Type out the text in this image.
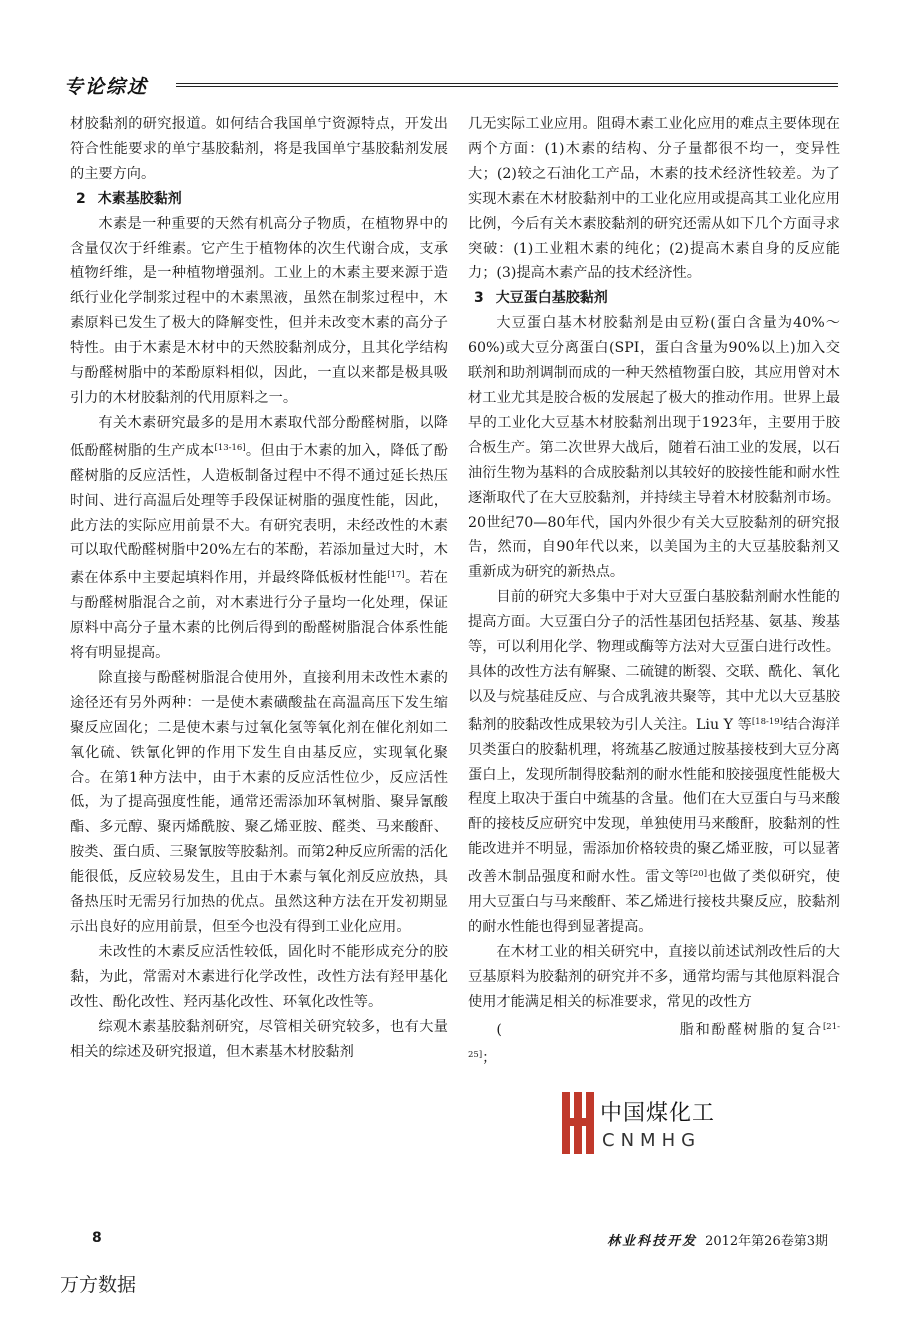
专论综述

材胶黏剂的研究报道。如何结合我国单宁资源特点，开发出符合性能要求的单宁基胶黏剂，将是我国单宁基胶黏剂发展的主要方向。

2 木素基胶黏剂

木素是一种重要的天然有机高分子物质，在植物界中的含量仅次于纤维素。它产生于植物体的次生代谢合成，支承植物纤维，是一种植物增强剂。工业上的木素主要来源于造纸行业化学制浆过程中的木素黑液，虽然在制浆过程中，木素原料已发生了极大的降解变性，但并未改变木素的高分子特性。由于木素是木材中的天然胶黏剂成分，且其化学结构与酚醛树脂中的苯酚原料相似，因此，一直以来都是极具吸引力的木材胶黏剂的代用原料之一。

有关木素研究最多的是用木素取代部分酚醛树脂，以降低酚醛树脂的生产成本[13-16]。但由于木素的加入，降低了酚醛树脂的反应活性，人造板制备过程中不得不通过延长热压时间、进行高温后处理等手段保证树脂的强度性能，因此，此方法的实际应用前景不大。有研究表明，未经改性的木素可以取代酚醛树脂中20%左右的苯酚，若添加量过大时，木素在体系中主要起填料作用，并最终降低板材性能[17]。若在与酚醛树脂混合之前，对木素进行分子量均一化处理，保证原料中高分子量木素的比例后得到的酚醛树脂混合体系性能将有明显提高。

除直接与酚醛树脂混合使用外，直接利用未改性木素的途径还有另外两种：一是使木素磺酸盐在高温高压下发生缩聚反应固化；二是使木素与过氧化氢等氧化剂在催化剂如二氧化硫、铁氰化钾的作用下发生自由基反应，实现氧化聚合。在第1种方法中，由于木素的反应活性位少，反应活性低，为了提高强度性能，通常还需添加环氧树脂、聚异氰酸酯、多元醇、聚丙烯酰胺、聚乙烯亚胺、醛类、马来酸酐、胺类、蛋白质、三聚氰胺等胶黏剂。而第2种反应所需的活化能很低，反应较易发生，且由于木素与氧化剂反应放热，具备热压时无需另行加热的优点。虽然这种方法在开发初期显示出良好的应用前景，但至今也没有得到工业化应用。

未改性的木素反应活性较低，固化时不能形成充分的胶黏，为此，常需对木素进行化学改性，改性方法有羟甲基化改性、酚化改性、羟丙基化改性、环氧化改性等。

综观木素基胶黏剂研究，尽管相关研究较多，也有大量相关的综述及研究报道，但木素基木材胶黏剂

几无实际工业应用。阻碍木素工业化应用的难点主要体现在两个方面：(1)木素的结构、分子量都很不均一，变异性大；(2)较之石油化工产品，木素的技术经济性较差。为了实现木素在木材胶黏剂中的工业化应用或提高其工业化应用比例，今后有关木素胶黏剂的研究还需从如下几个方面寻求突破：(1)工业粗木素的纯化；(2)提高木素自身的反应能力；(3)提高木素产品的技术经济性。

3 大豆蛋白基胶黏剂

大豆蛋白基木材胶黏剂是由豆粉(蛋白含量为40%～60%)或大豆分离蛋白(SPI，蛋白含量为90%以上)加入交联剂和助剂调制而成的一种天然植物蛋白胶，其应用曾对木材工业尤其是胶合板的发展起了极大的推动作用。世界上最早的工业化大豆基木材胶黏剂出现于1923年，主要用于胶合板生产。第二次世界大战后，随着石油工业的发展，以石油衍生物为基料的合成胶黏剂以其较好的胶接性能和耐水性逐渐取代了在大豆胶黏剂，并持续主导着木材胶黏剂市场。20世纪70—80年代，国内外很少有关大豆胶黏剂的研究报告，然而，自90年代以来，以美国为主的大豆基胶黏剂又重新成为研究的新热点。

目前的研究大多集中于对大豆蛋白基胶黏剂耐水性能的提高方面。大豆蛋白分子的活性基团包括羟基、氨基、羧基等，可以利用化学、物理或酶等方法对大豆蛋白进行改性。具体的改性方法有解聚、二硫键的断裂、交联、酰化、氧化以及与烷基硅反应、与合成乳液共聚等，其中尤以大豆基胶黏剂的胶黏改性成果较为引人关注。Liu Y 等[18-19]结合海洋贝类蛋白的胶黏机理，将巯基乙胺通过胺基接枝到大豆分离蛋白上，发现所制得胶黏剂的耐水性能和胶接强度性能极大程度上取决于蛋白中巯基的含量。他们在大豆蛋白与马来酸酐的接枝反应研究中发现，单独使用马来酸酐，胶黏剂的性能改进并不明显，需添加价格较贵的聚乙烯亚胺，可以显著改善木制品强度和耐水性。雷文等[20]也做了类似研究，使用大豆蛋白与马来酸酐、苯乙烯进行接枝共聚反应，胶黏剂的耐水性能也得到显著提高。

在木材工业的相关研究中，直接以前述试剂改性后的大豆基原料为胶黏剂的研究并不多，通常均需与其他原料混合使用才能满足相关的标准要求，常见的改性方

(	脂和酚醛树脂的复合[21-25]；

中国煤化工
CNMHG
8	林业科技开发 2012年第26卷第3期
万方数据
